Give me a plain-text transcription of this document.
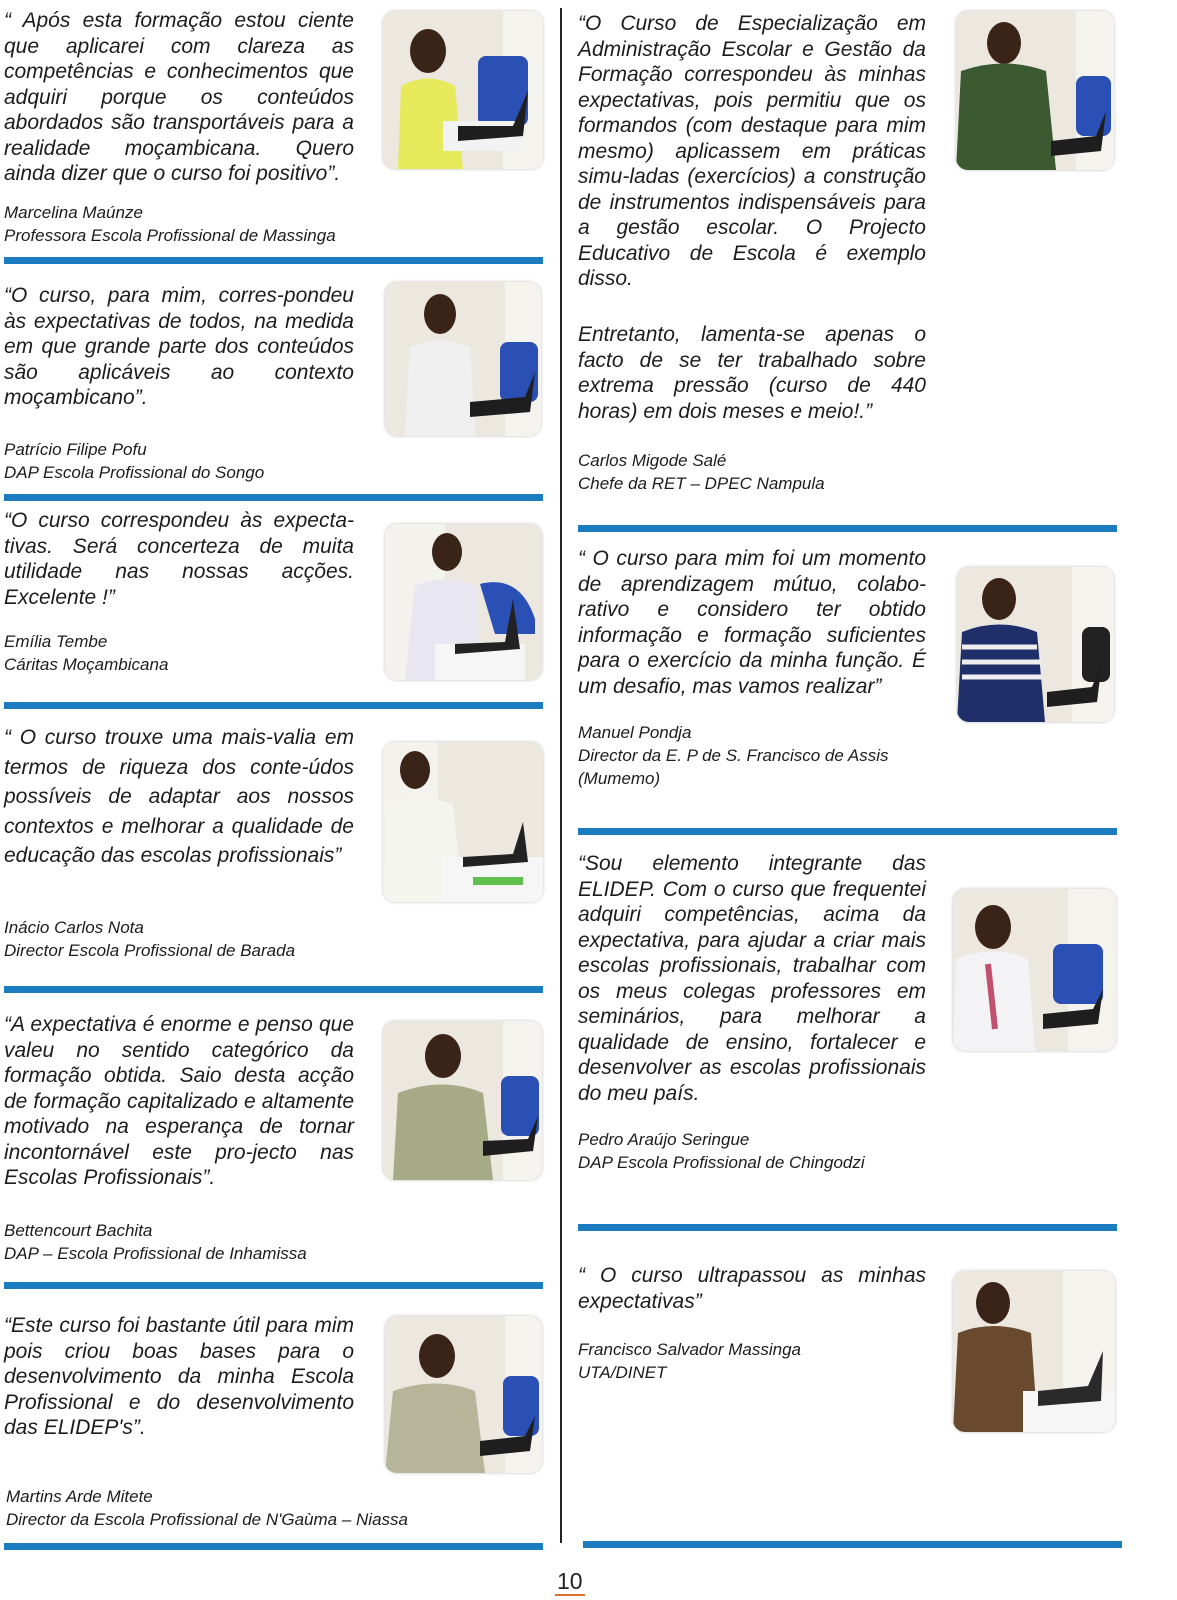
“ Após esta formação estou ciente que aplicarei com clareza as competências e conhecimentos que adquiri porque os conteúdos abordados são transportáveis para a realidade moçambicana. Quero ainda dizer que o curso foi positivo”.

Marcelina Maúnze
Professora Escola Profissional de Massinga

“O curso, para mim, corres-pondeu às expectativas de todos, na medida em que grande parte dos conteúdos são aplicáveis ao contexto moçambicano”.

Patrício Filipe Pofu
DAP Escola Profissional do Songo

“O curso correspondeu às expecta-tivas. Será concerteza de muita utilidade nas nossas acções. Excelente !”

Emília Tembe
Cáritas Moçambicana

“ O curso trouxe uma mais-valia em termos de riqueza dos conte-údos possíveis de adaptar aos nossos contextos e melhorar a qualidade de educação das escolas profissionais”

Inácio Carlos Nota
Director Escola Profissional de Barada

“A expectativa é enorme e penso que valeu no sentido categórico da formação obtida. Saio desta acção de formação capitalizado e altamente motivado na esperança de tornar incontornável este pro-jecto nas Escolas Profissionais”.

Bettencourt Bachita
DAP – Escola Profissional de Inhamissa

“Este curso foi bastante útil para mim pois criou boas bases para o desenvolvimento da minha Escola Profissional e do desenvolvimento das ELIDEP's”.

Martins Arde Mitete
Director da Escola Profissional de N'Gaùma – Niassa

“O Curso de Especialização em Administração Escolar e Gestão da Formação correspondeu às minhas expectativas, pois permitiu que os formandos (com destaque para mim mesmo) aplicassem em práticas simu-ladas (exercícios) a construção de instrumentos indispensáveis para a gestão escolar. O Projecto Educativo de Escola é exemplo disso.

Entretanto, lamenta-se apenas o facto de se ter trabalhado sobre extrema pressão (curso de 440 horas) em dois meses e meio!.”

Carlos Migode Salé
Chefe da RET – DPEC Nampula

“ O curso para mim foi um momento de aprendizagem mútuo, colabo-rativo e considero ter obtido informação e formação suficientes para o exercício da minha função. É um desafio, mas vamos realizar”

Manuel Pondja
Director da E. P de S. Francisco de Assis
(Mumemo)

“Sou elemento integrante das ELIDEP. Com o curso que frequentei adquiri competências, acima da expectativa, para ajudar a criar mais escolas profissionais, trabalhar com os meus colegas professores em seminários, para melhorar a qualidade de ensino, fortalecer e desenvolver as escolas profissionais do meu país.

Pedro Araújo Seringue
DAP Escola Profissional de Chingodzi

“ O curso ultrapassou as minhas expectativas”

Francisco Salvador Massinga
UTA/DINET
10
